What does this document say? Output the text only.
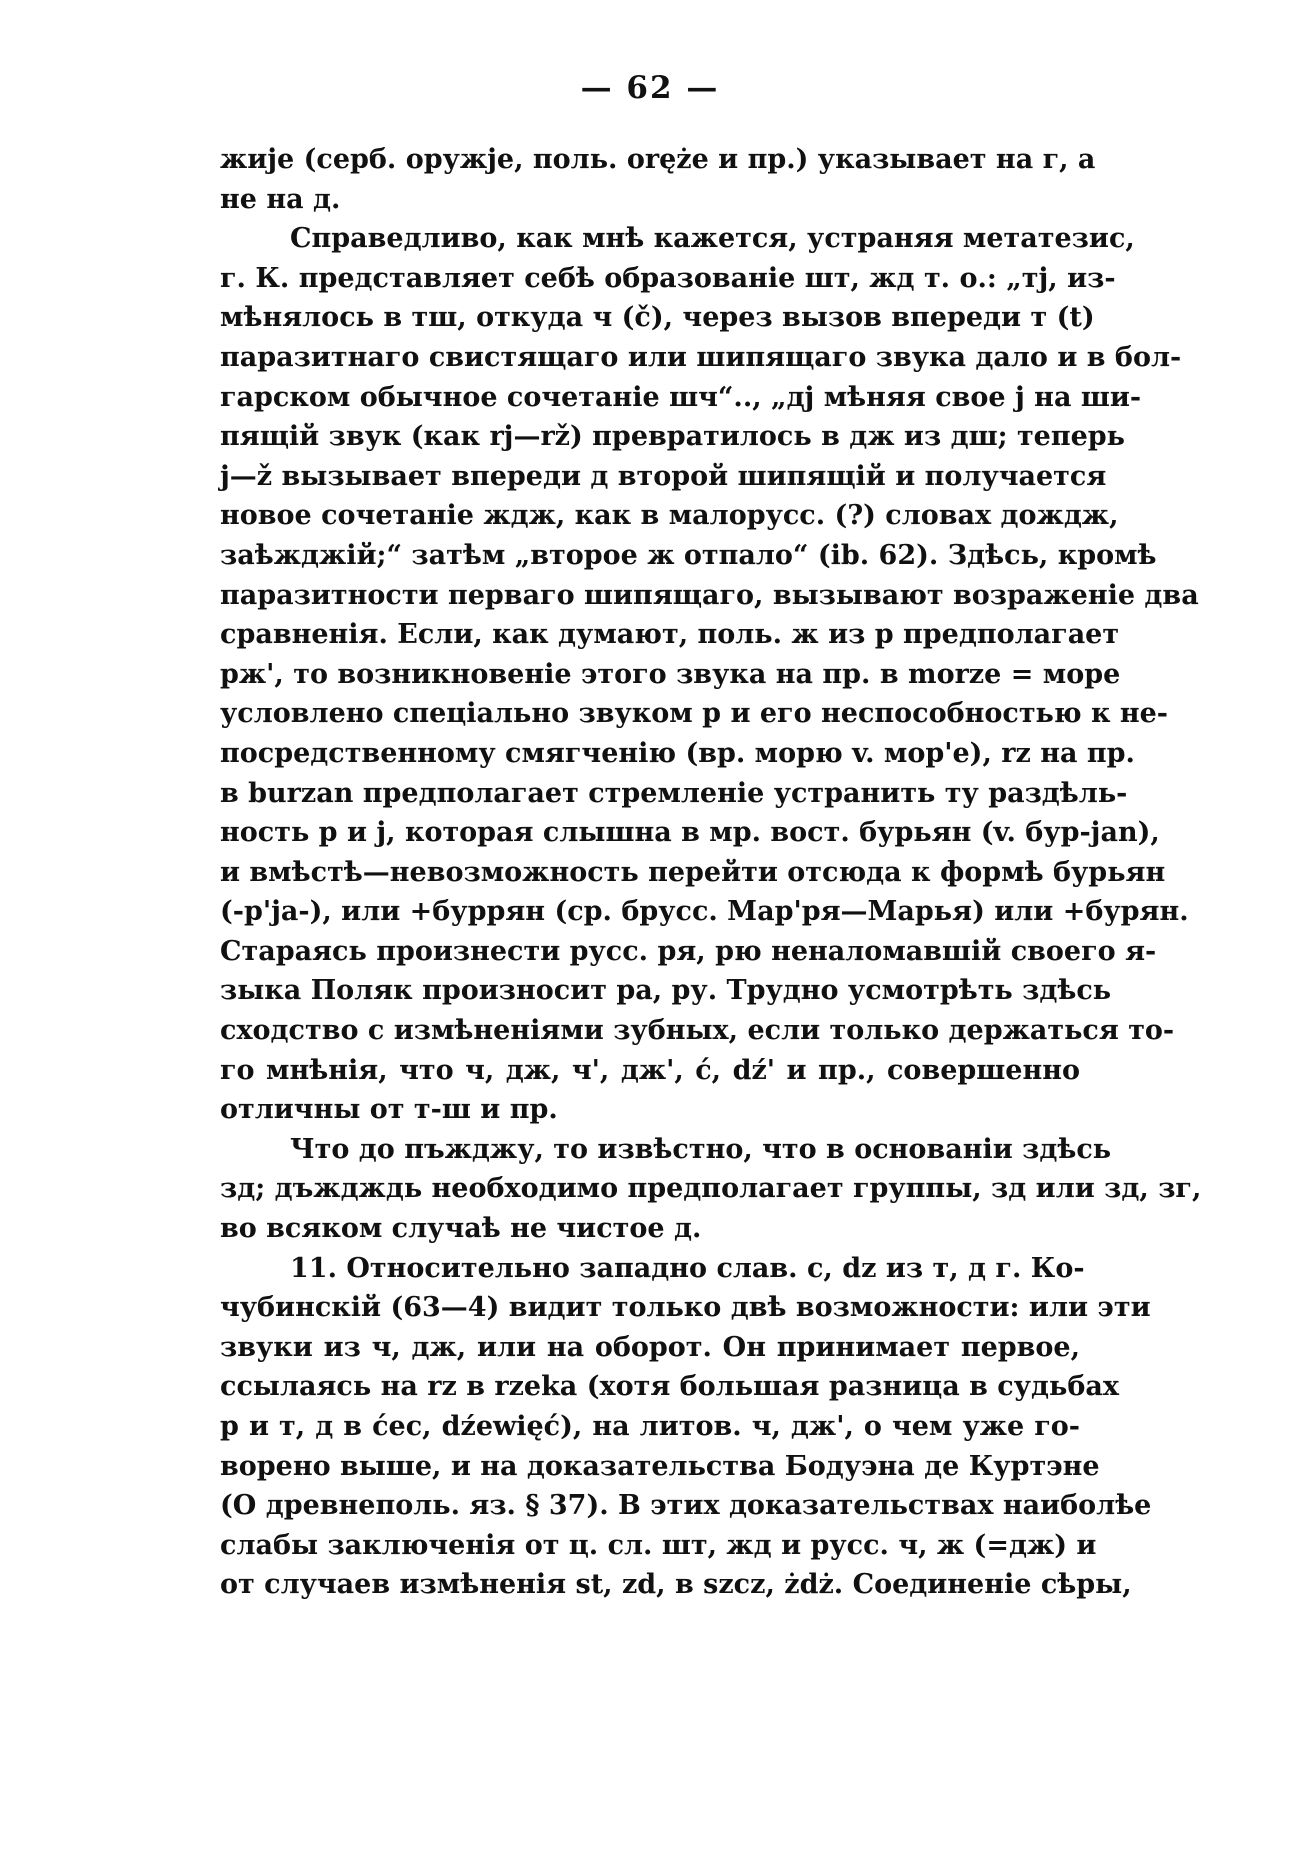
— 62 —
жије (серб. оружје, поль. oręże и пр.) указывает на г, а
не на д.
Справедливо, как мнѣ кажется, устраняя метатезис,
г. К. представляет себѣ образованіе шт, жд т. о.: „тј, из-
мѣнялось в тш, откуда ч (č), через вызов впереди т (t)
паразитнаго свистящаго или шипящаго звука дало и в бол-
гарском обычное сочетаніе шч“.., „дј мѣняя свое ј на ши-
пящій звук (как rј—rž) превратилось в дж из дш; теперь
ј—ž вызывает впереди д второй шипящій и получается
новое сочетаніе ждж, как в малорусс. (?) словах дождж,
заѣжджій;“ затѣм „второе ж отпало“ (ib. 62). Здѣсь, кромѣ
паразитности перваго шипящаго, вызывают возраженіе два
сравненія. Если, как думают, поль. ж из р предполагает
рж', то возникновеніе этого звука на пр. в morze = море
условлено спеціально звуком р и его неспособностью к не-
посредственному смягченію (вр. морю v. мор'е), rz на пр.
в burzan предполагает стремленіе устранить ту раздѣль-
ность р и ј, которая слышна в мр. вост. бурьян (v. бур-јan),
и вмѣстѣ—невозможность перейти отсюда к формѣ бурьян
(-р'ја-), или +буррян (ср. брусс. Мар'ря—Марья) или +бурян.
Стараясь произнести русс. ря, рю неналомавшій своего я-
зыка Поляк произносит ра, ру. Трудно усмотрѣть здѣсь
сходство с измѣненіями зубных, если только держаться то-
го мнѣнія, что ч, дж, ч', дж', ć, dź' и пр., совершенно
отличны от т-ш и пр.
Что до пъжджу, то извѣстно, что в основаніи здѣсь
зд; дъждждь необходимо предполагает группы, зд или зд, зг,
во всяком случаѣ не чистое д.
11. Относительно западно слав. с, dz из т, д г. Ко-
чубинскій (63—4) видит только двѣ возможности: или эти
звуки из ч, дж, или на оборот. Он принимает первое,
ссылаясь на rz в rzeka (хотя большая разница в судьбах
р и т, д в ćec, dźewięć), на литов. ч, дж', о чем уже го-
ворено выше, и на доказательства Бодуэна де Куртэне
(О древнеполь. яз. § 37). В этих доказательствах наиболѣе
слабы заключенія от ц. сл. шт, жд и русс. ч, ж (=дж) и
от случаев измѣненія st, zd, в szcz, żdż. Соединеніе сѣры,
